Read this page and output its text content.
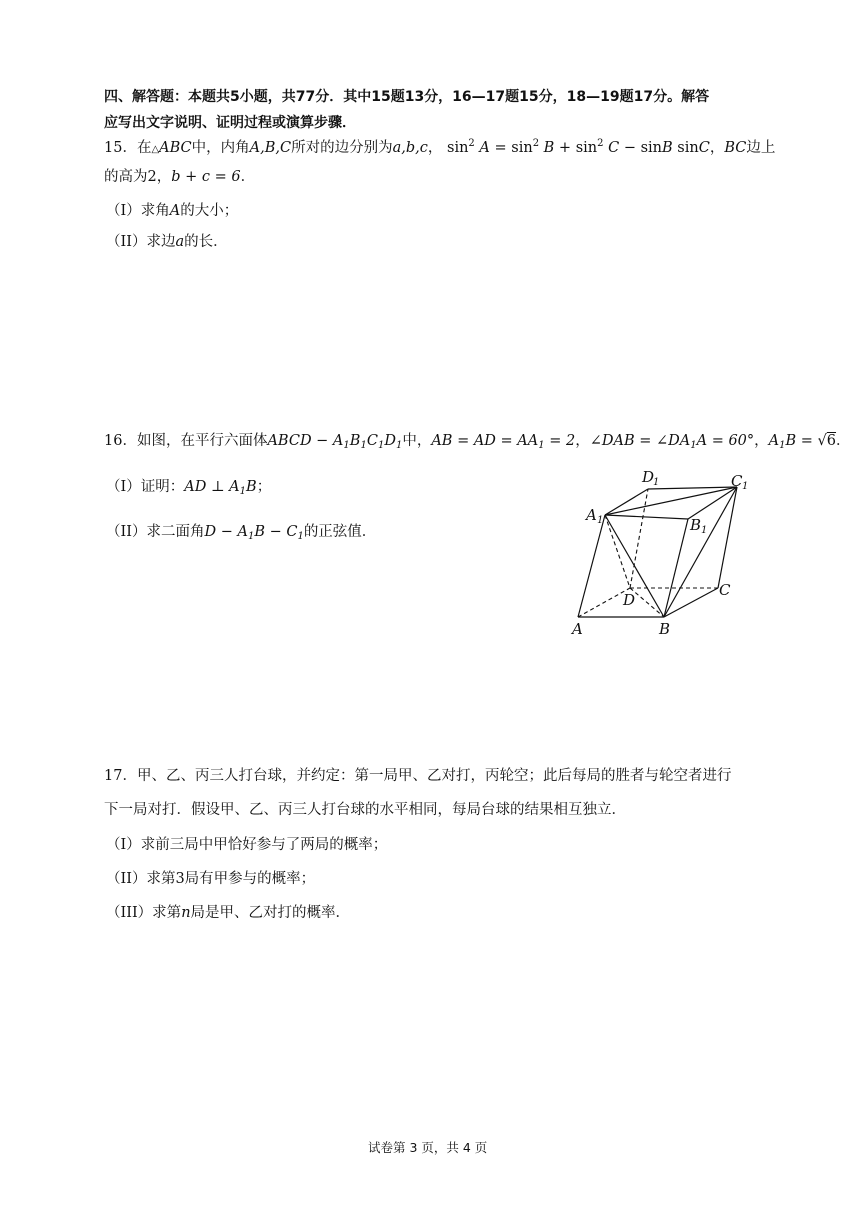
四、解答题：本题共5小题，共77分．其中15题13分，16—17题15分，18—19题17分。解答
应写出文字说明、证明过程或演算步骤．
15．在△ABC中，内角A,B,C所对的边分别为a,b,c， $\sin^2 A = \sin^2 B + \sin^2 C - \sin B$ sinC，BC边上
的高为2，b + c = 6．
（I）求角A的大小；
（II）求边a的长．
16．如图，在平行六面体ABCD − $A_1B_1C_1D_1$中，AB = AD = $AA_1 = 2$，∠DAB = $\angle DA_1A = 60^\circ$，$A_1B = √6$．
（I）证明：AD ⊥ $A_1B$；
（II）求二面角$D - A_1B - C_1$的正弦值．
A	B
C
D
A 1	B 1
C 1
D
1
17．甲、乙、丙三人打台球，并约定：第一局甲、乙对打，丙轮空；此后每局的胜者与轮空者进行
下一局对打．假设甲、乙、丙三人打台球的水平相同，每局台球的结果相互独立．
（I）求前三局中甲恰好参与了两局的概率；
（II）求第3局有甲参与的概率；
（III）求第n局是甲、乙对打的概率．
试卷第 3 页，共 4 页
